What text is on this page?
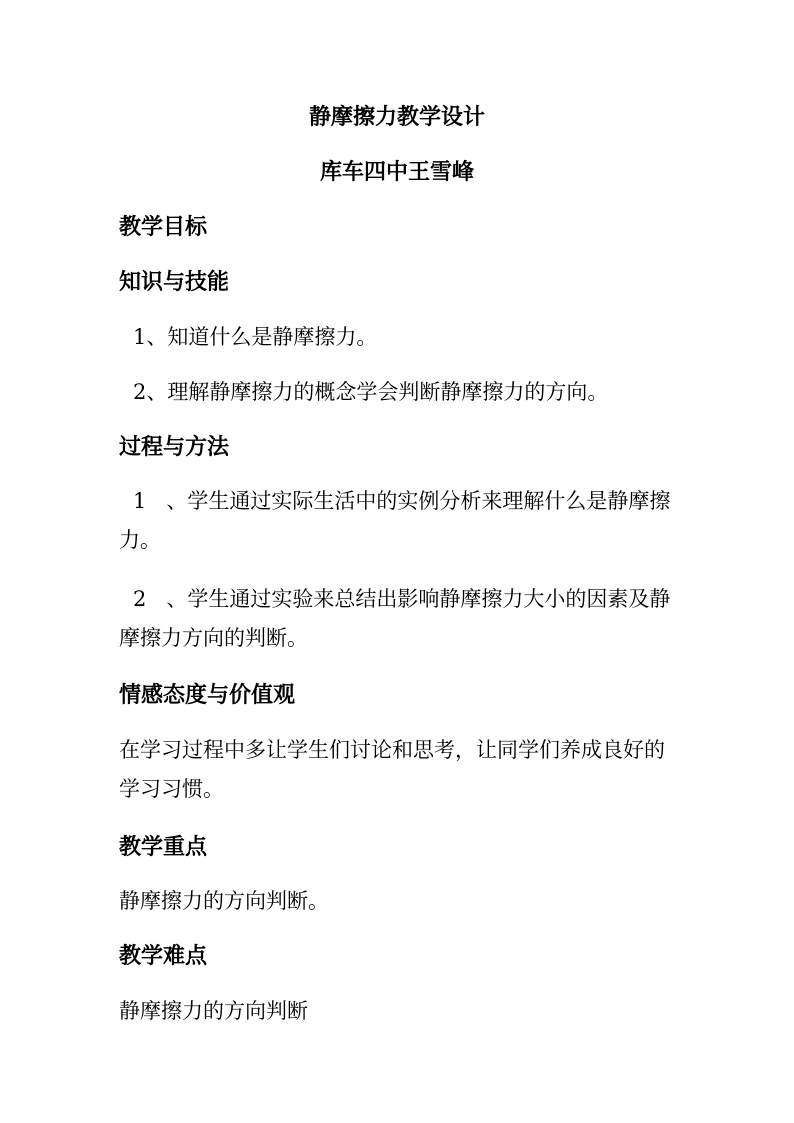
静摩擦力教学设计
库车四中王雪峰
教学目标
知识与技能

1、知道什么是静摩擦力。

2、理解静摩擦力的概念学会判断静摩擦力的方向。

过程与方法

1 、学生通过实际生活中的实例分析来理解什么是静摩擦力。

2 、学生通过实验来总结出影响静摩擦力大小的因素及静摩擦力方向的判断。

情感态度与价值观

在学习过程中多让学生们讨论和思考，让同学们养成良好的学习习惯。

教学重点

静摩擦力的方向判断。

教学难点

静摩擦力的方向判断
